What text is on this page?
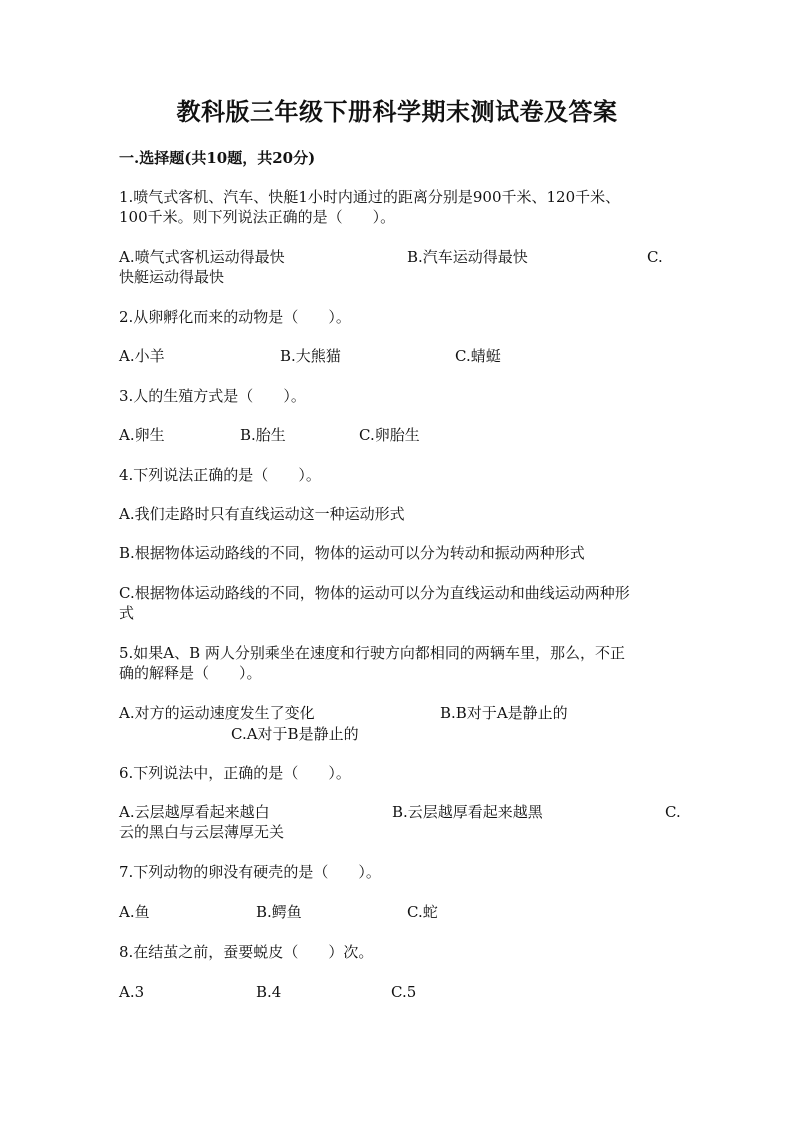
教科版三年级下册科学期末测试卷及答案
一.选择题(共10题，共20分)
1.喷气式客机、汽车、快艇1小时内通过的距离分别是900千米、120千米、
100千米。则下列说法正确的是（　　）。
A.喷气式客机运动得最快	B.汽车运动得最快	C.
快艇运动得最快
2.从卵孵化而来的动物是（　　）。
A.小羊	B.大熊猫	C.蜻蜓
3.人的生殖方式是（　　）。
A.卵生	B.胎生	C.卵胎生
4.下列说法正确的是（　　）。
A.我们走路时只有直线运动这一种运动形式
B.根据物体运动路线的不同，物体的运动可以分为转动和振动两种形式
C.根据物体运动路线的不同，物体的运动可以分为直线运动和曲线运动两种形
式
5.如果A、B 两人分别乘坐在速度和行驶方向都相同的两辆车里，那么，不正
确的解释是（　　）。
A.对方的运动速度发生了变化	B.B对于A是静止的
C.A对于B是静止的
6.下列说法中，正确的是（　　）。
A.云层越厚看起来越白	B.云层越厚看起来越黑	C.
云的黑白与云层薄厚无关
7.下列动物的卵没有硬壳的是（　　）。
A.鱼	B.鳄鱼	C.蛇
8.在结茧之前，蚕要蜕皮（　　）次。
A.3	B.4	C.5
